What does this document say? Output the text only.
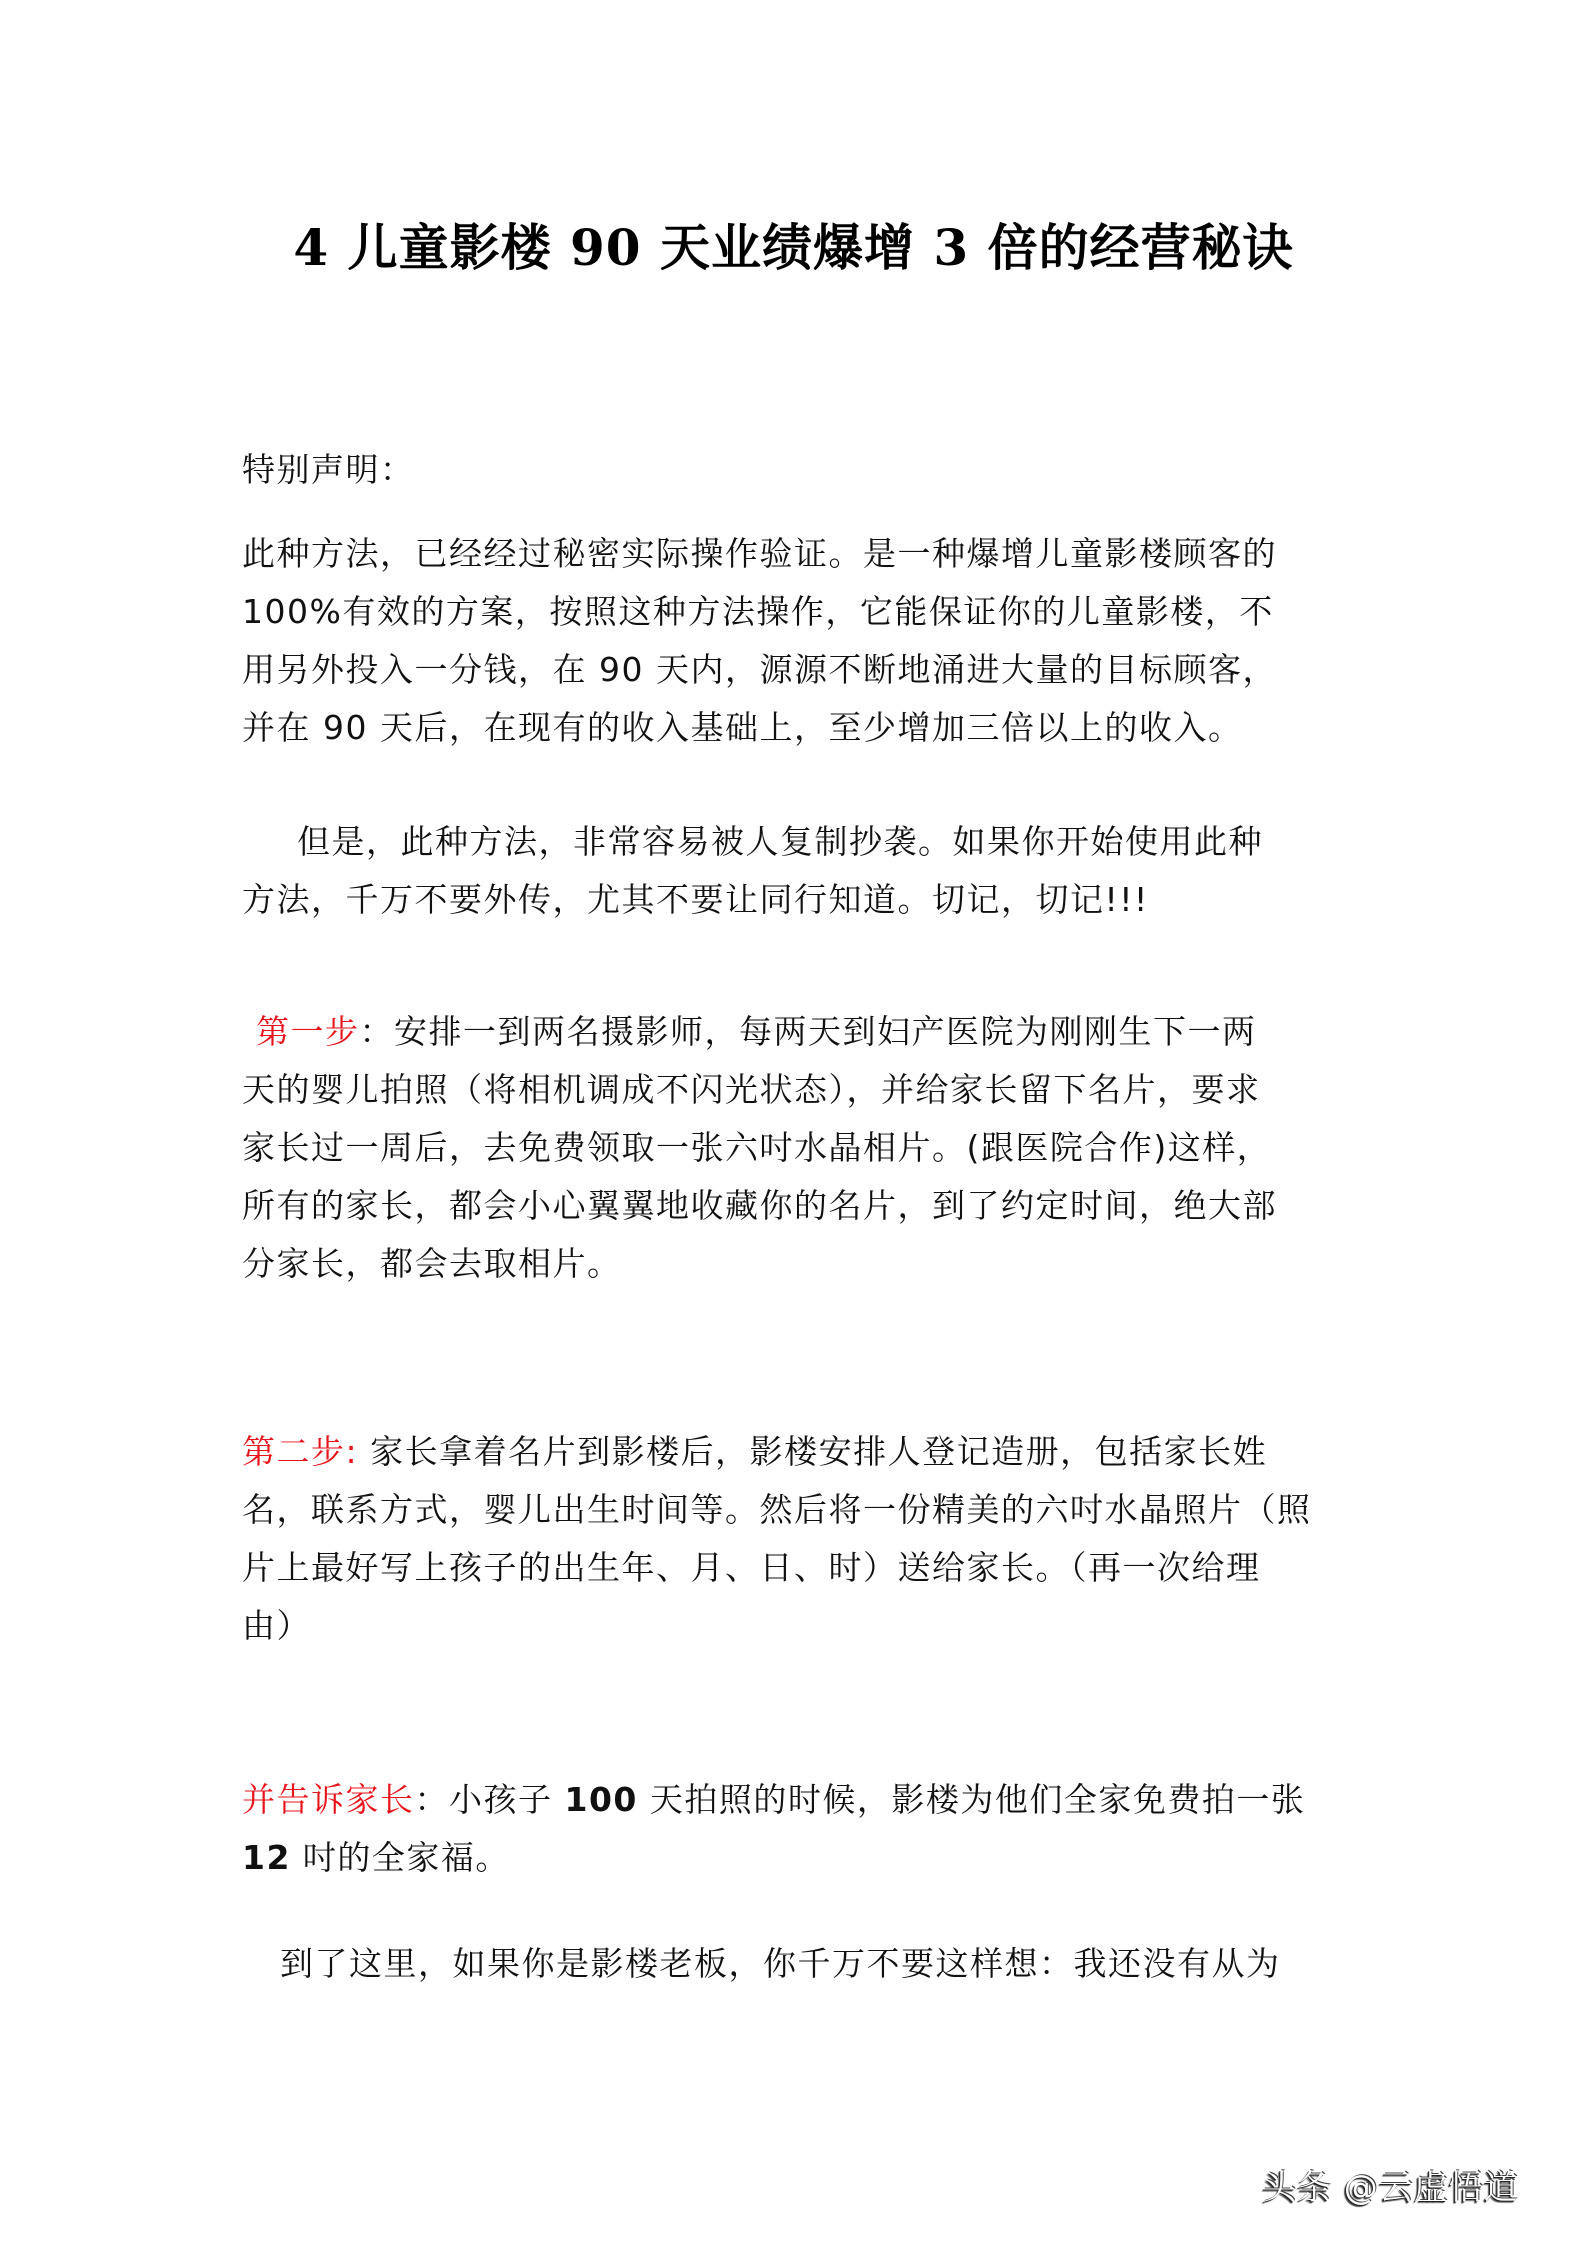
4 儿童影楼 90 天业绩爆增 3 倍的经营秘诀
特别声明：
此种方法，已经经过秘密实际操作验证。是一种爆增儿童影楼顾客的
100%有效的方案，按照这种方法操作，它能保证你的儿童影楼，不
用另外投入一分钱，在 90 天内，源源不断地涌进大量的目标顾客，
并在 90 天后，在现有的收入基础上，至少增加三倍以上的收入。
但是，此种方法，非常容易被人复制抄袭。如果你开始使用此种
方法，千万不要外传，尤其不要让同行知道。切记，切记!!!
第一步：安排一到两名摄影师，每两天到妇产医院为刚刚生下一两
天的婴儿拍照（将相机调成不闪光状态），并给家长留下名片，要求
家长过一周后，去免费领取一张六吋水晶相片。(跟医院合作)这样，
所有的家长，都会小心翼翼地收藏你的名片，到了约定时间，绝大部
分家长，都会去取相片。
第二步: 家长拿着名片到影楼后，影楼安排人登记造册，包括家长姓
名，联系方式，婴儿出生时间等。然后将一份精美的六吋水晶照片（照
片上最好写上孩子的出生年、月、日、时）送给家长。（再一次给理
由）
并告诉家长：小孩子 100 天拍照的时候，影楼为他们全家免费拍一张
12 吋的全家福。
到了这里，如果你是影楼老板，你千万不要这样想：我还没有从为
头条 @云虚悟道
